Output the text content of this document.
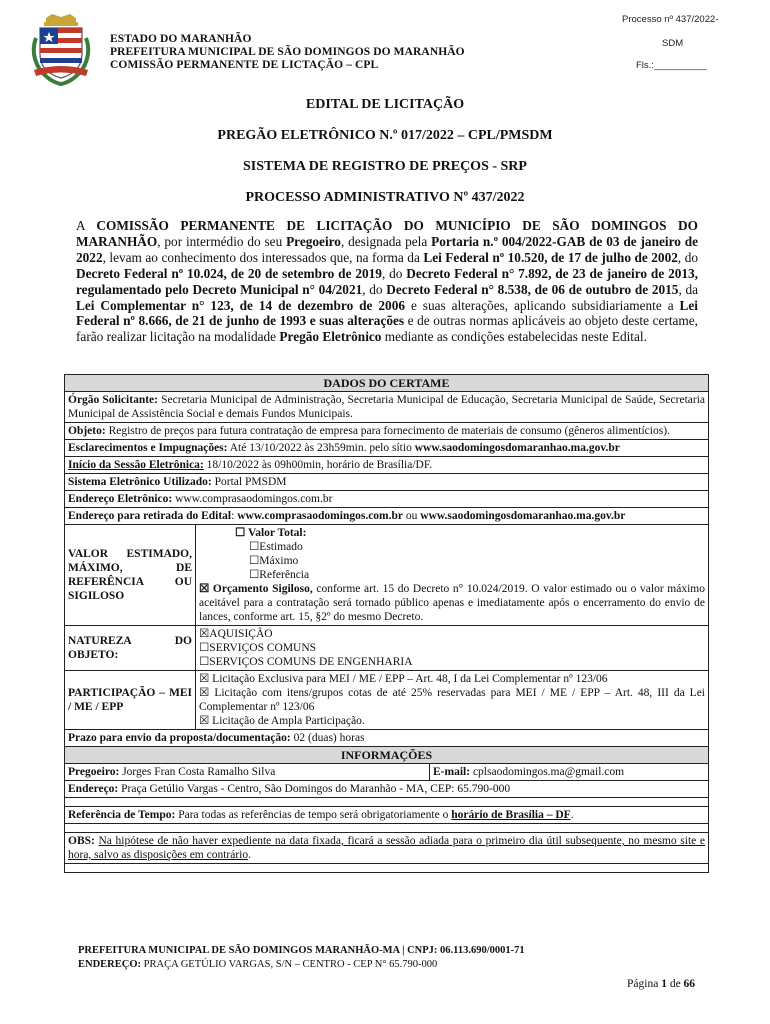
ESTADO DO MARANHÃO
PREFEITURA MUNICIPAL DE SÃO DOMINGOS DO MARANHÃO
COMISSÃO PERMANENTE DE LICTAÇÃO – CPL
Processo nº 437/2022-
SDM
Fls.:__________
EDITAL DE LICITAÇÃO
PREGÃO ELETRÔNICO N.º 017/2022 – CPL/PMSDM
SISTEMA DE REGISTRO DE PREÇOS - SRP
PROCESSO ADMINISTRATIVO Nº 437/2022
A COMISSÃO PERMANENTE DE LICITAÇÃO DO MUNICÍPIO DE SÃO DOMINGOS DO MARANHÃO, por intermédio do seu Pregoeiro, designada pela Portaria n.º 004/2022-GAB de 03 de janeiro de 2022, levam ao conhecimento dos interessados que, na forma da Lei Federal nº 10.520, de 17 de julho de 2002, do Decreto Federal nº 10.024, de 20 de setembro de 2019, do Decreto Federal n° 7.892, de 23 de janeiro de 2013, regulamentado pelo Decreto Municipal n° 04/2021, do Decreto Federal n° 8.538, de 06 de outubro de 2015, da Lei Complementar n° 123, de 14 de dezembro de 2006 e suas alterações, aplicando subsidiariamente a Lei Federal nº 8.666, de 21 de junho de 1993 e suas alterações e de outras normas aplicáveis ao objeto deste certame, farão realizar licitação na modalidade Pregão Eletrônico mediante as condições estabelecidas neste Edital.
DADOS DO CERTAME	
Órgão Solicitante: Secretaria Municipal de Administração, Secretaria Municipal de Educação, Secretaria Municipal de Saúde, Secretaria Municipal de Assistência Social e demais Fundos Municipais.	
Objeto: Registro de preços para futura contratação de empresa para fornecimento de materiais de consumo (gêneros alimentícios).	
Esclarecimentos e Impugnações: Até 13/10/2022 às 23h59min. pelo sítio www.saodomingosdomaranhao.ma.gov.br	
Início da Sessão Eletrônica: 18/10/2022 às 09h00min, horário de Brasília/DF.	
Sistema Eletrônico Utilizado: Portal PMSDM	
Endereço Eletrônico: www.comprasaodomingos.com.br	
Endereço para retirada do Edital: www.comprasaodomingos.com.br ou www.saodomingosdomaranhao.ma.gov.br	
VALOR ESTIMADO, MÁXIMO, DE REFERÊNCIA OU SIGILOSO	☐ Valor Total:
☐Estimado
☐Máximo
☐Referência
☒ Orçamento Sigiloso, conforme art. 15 do Decreto n° 10.024/2019. O valor estimado ou o valor máximo aceitável para a contratação será tornado público apenas e imediatamente após o encerramento do envio de lances, conforme art. 15, §2º do mesmo Decreto.

NATUREZA DO OBJETO:	☒AQUISIÇÃO
☐SERVIÇOS COMUNS
☐SERVIÇOS COMUNS DE ENGENHARIA

PARTICIPAÇÃO – MEI / ME / EPP	☒ Licitação Exclusiva para MEI / ME / EPP – Art. 48, I da Lei Complementar nº 123/06
☒ Licitação com itens/grupos cotas de até 25% reservadas para MEI / ME / EPP – Art. 48, III da Lei Complementar nº 123/06
☒ Licitação de Ampla Participação.

Prazo para envio da proposta/documentação: 02 (duas) horas	
INFORMAÇÕES	

Pregoeiro: Jorges Fran Costa Ramalho Silva E-mail: cplsaodomingos.ma@gmail.com	

Endereço: Praça Getúlio Vargas - Centro, São Domingos do Maranhão - MA, CEP: 65.790-000	

Referência de Tempo: Para todas as referências de tempo será obrigatoriamente o horário de Brasília – DF.	

OBS: Na hipótese de não haver expediente na data fixada, ficará a sessão adiada para o primeiro dia útil subsequente, no mesmo site e hora, salvo as disposições em contrário.	

PREFEITURA MUNICIPAL DE SÃO DOMINGOS MARANHÃO-MA | CNPJ: 06.113.690/0001-71
ENDEREÇO: PRAÇA GETÚLIO VARGAS, S/N – CENTRO - CEP N° 65.790-000
Página 1 de 66
